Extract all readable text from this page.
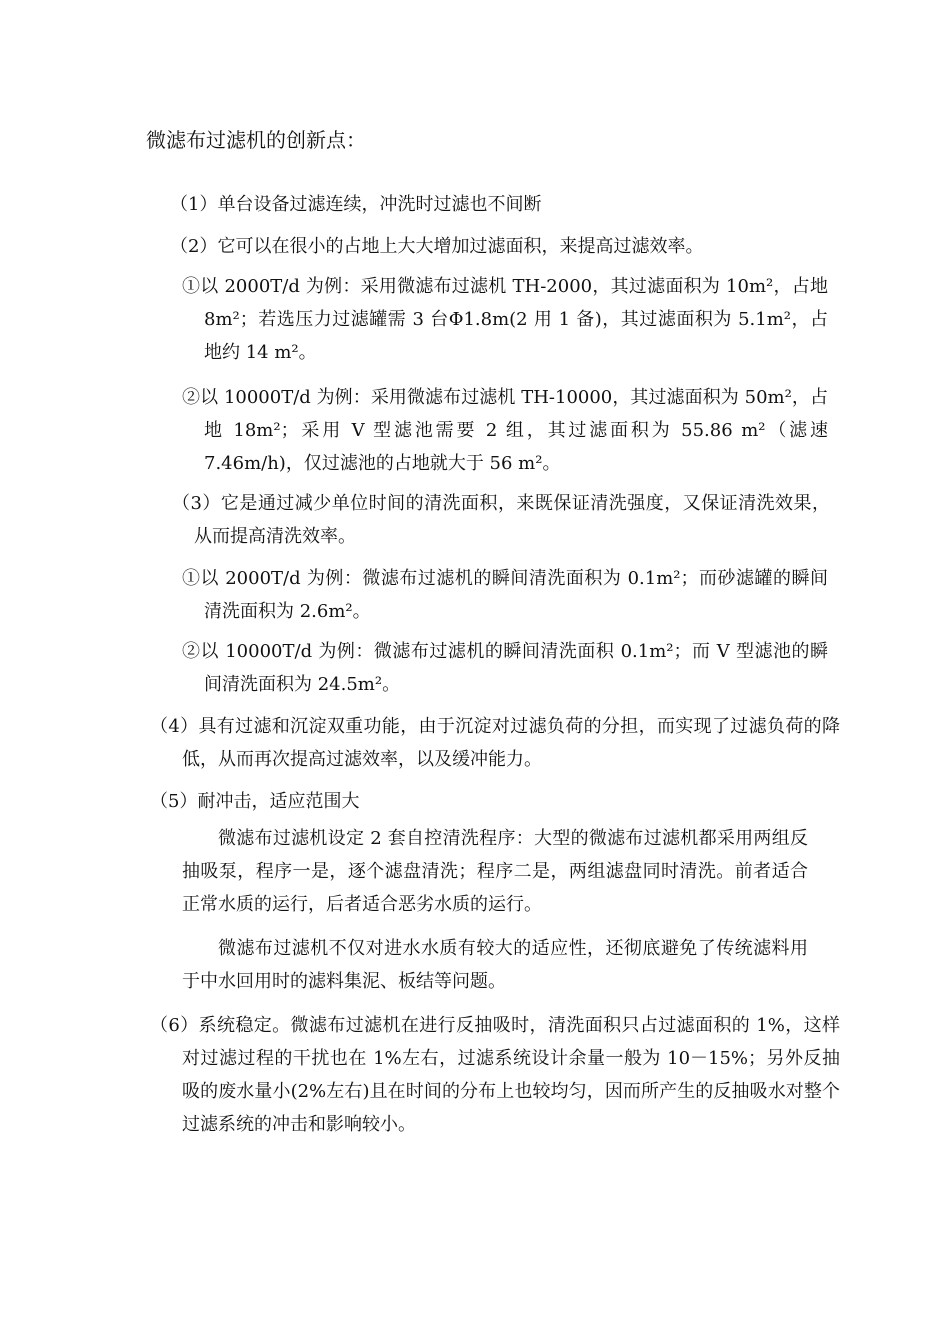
微滤布过滤机的创新点：
（1）单台设备过滤连续，冲洗时过滤也不间断
（2）它可以在很小的占地上大大增加过滤面积，来提高过滤效率。
①以 2000T/d 为例：采用微滤布过滤机 TH-2000，其过滤面积为 10m²，占地 8m²；若选压力过滤罐需 3 台Φ1.8m(2 用 1 备)，其过滤面积为 5.1m²，占地约 14 m²。
②以 10000T/d 为例：采用微滤布过滤机 TH-10000，其过滤面积为 50m²，占地 18m²；采用 V 型滤池需要 2 组，其过滤面积为 55.86 m²（滤速 7.46m/h)，仅过滤池的占地就大于 56 m²。
（3）它是通过减少单位时间的清洗面积，来既保证清洗强度，又保证清洗效果，从而提高清洗效率。
①以 2000T/d 为例：微滤布过滤机的瞬间清洗面积为 0.1m²；而砂滤罐的瞬间清洗面积为 2.6m²。
②以 10000T/d 为例：微滤布过滤机的瞬间清洗面积 0.1m²；而 V 型滤池的瞬间清洗面积为 24.5m²。
（4）具有过滤和沉淀双重功能，由于沉淀对过滤负荷的分担，而实现了过滤负荷的降低，从而再次提高过滤效率，以及缓冲能力。
（5）耐冲击，适应范围大
微滤布过滤机设定 2 套自控清洗程序：大型的微滤布过滤机都采用两组反抽吸泵，程序一是，逐个滤盘清洗；程序二是，两组滤盘同时清洗。前者适合正常水质的运行，后者适合恶劣水质的运行。
微滤布过滤机不仅对进水水质有较大的适应性，还彻底避免了传统滤料用于中水回用时的滤料集泥、板结等问题。
（6）系统稳定。微滤布过滤机在进行反抽吸时，清洗面积只占过滤面积的 1%，这样对过滤过程的干扰也在 1%左右，过滤系统设计余量一般为 10－15%；另外反抽吸的废水量小(2%左右)且在时间的分布上也较均匀，因而所产生的反抽吸水对整个过滤系统的冲击和影响较小。
